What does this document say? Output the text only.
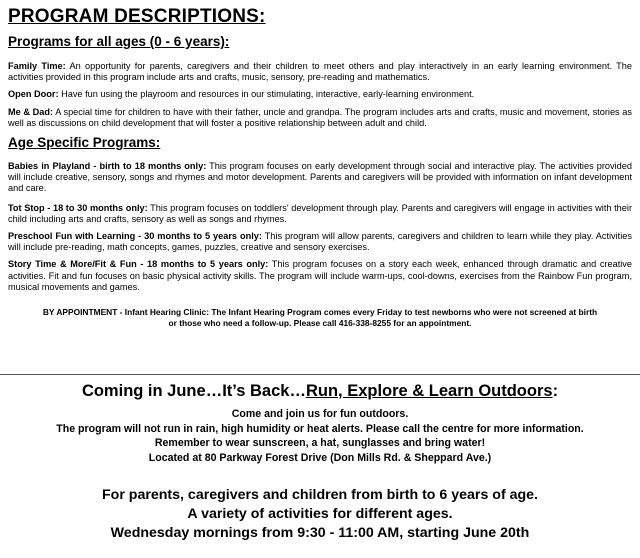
PROGRAM DESCRIPTIONS:
Programs for all ages (0 - 6 years):

Family Time: An opportunity for parents, caregivers and their children to meet others and play interactively in an early learning environment. The activities provided in this program include arts and crafts, music, sensory, pre-reading and mathematics.

Open Door: Have fun using the playroom and resources in our stimulating, interactive, early-learning environment.

Me & Dad: A special time for children to have with their father, uncle and grandpa. The program includes arts and crafts, music and movement, stories as well as discussions on child development that will foster a positive relationship between adult and child.

Age Specific Programs:

Babies in Playland - birth to 18 months only: This program focuses on early development through social and interactive play. The activities provided will include creative, sensory, songs and rhymes and motor development. Parents and caregivers will be provided with information on infant development and care.

Tot Stop - 18 to 30 months only: This program focuses on toddlers' development through play. Parents and caregivers will engage in activities with their child including arts and crafts, sensory as well as songs and rhymes.

Preschool Fun with Learning - 30 months to 5 years only: This program will allow parents, caregivers and children to learn while they play. Activities will include pre-reading, math concepts, games, puzzles, creative and sensory exercises.

Story Time & More/Fit & Fun - 18 months to 5 years only: This program focuses on a story each week, enhanced through dramatic and creative activities. Fit and fun focuses on basic physical activity skills. The program will include warm-ups, cool-downs, exercises from the Rainbow Fun program, musical movements and games.

BY APPOINTMENT - Infant Hearing Clinic: The Infant Hearing Program comes every Friday to test newborns who were not screened at birth

or those who need a follow-up. Please call 416-338-8255 for an appointment.

Coming in June…It’s Back…Run, Explore & Learn Outdoors:
Come and join us for fun outdoors.
The program will not run in rain, high humidity or heat alerts. Please call the centre for more information.
Remember to wear sunscreen, a hat, sunglasses and bring water!
Located at 80 Parkway Forest Drive (Don Mills Rd. & Sheppard Ave.)
For parents, caregivers and children from birth to 6 years of age.
A variety of activities for different ages.
Wednesday mornings from 9:30 - 11:00 AM, starting June 20th
